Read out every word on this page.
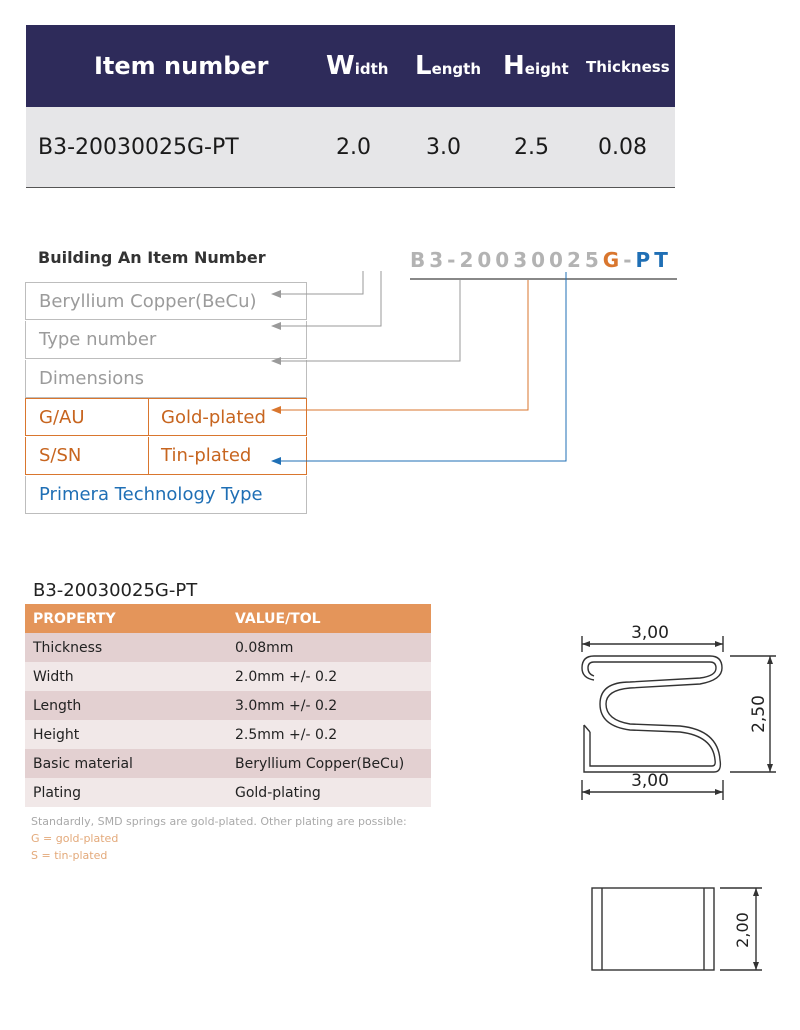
Item number Width Length Height Thickness
B3-20030025G-PT	2.0	3.0 2.5 0.08
Building An Item Number	B3-20030025G-PT
Beryllium Copper(BeCu)
Type number
Dimensions
G/AU	Gold-plated
S/SN	Tin-plated
Primera Technology Type
B3-20030025G-PT
PROPERTY	VALUE/TOL
Thickness	0.08mm
Width	2.0mm +/- 0.2
Length	3.0mm +/- 0.2
Height	2.5mm +/- 0.2
Basic material	Beryllium Copper(BeCu)
Plating	Gold-plating
Standardly, SMD springs are gold-plated. Other plating are possible:
G = gold-plated
S = tin-plated
3,00
3,00
2,50
2,00
